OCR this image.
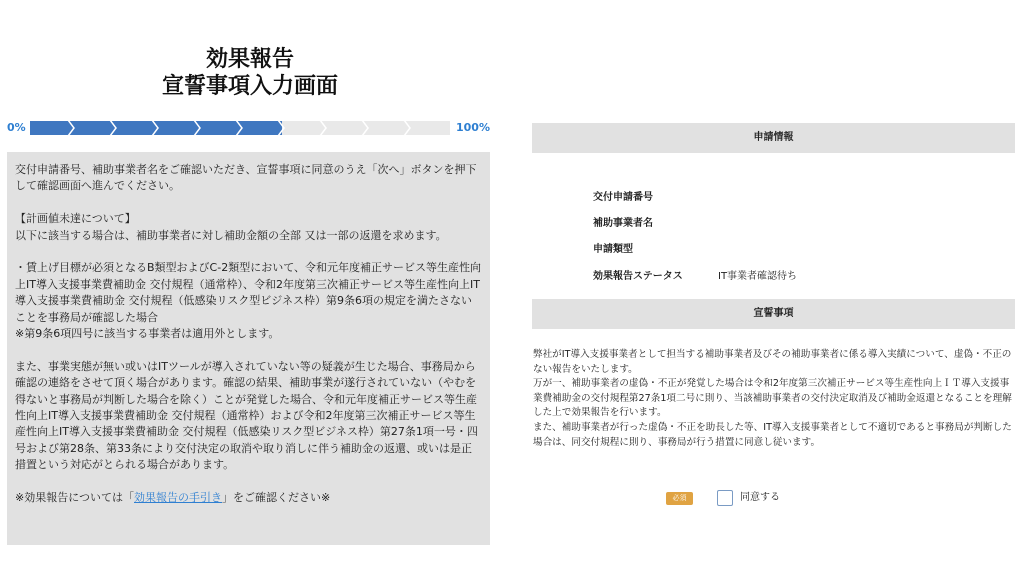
効果報告
宣誓事項入力画面
0%	100%

交付申請番号、補助事業者名をご確認いただき、宣誓事項に同意のうえ「次へ」ボタンを押下して確認画面へ進んでください。

【計画値未達について】

以下に該当する場合は、補助事業者に対し補助金額の全部 又は一部の返還を求めます。

・賃上げ目標が必須となるB類型およびC-2類型において、令和元年度補正サービス等生産性向上IT導入支援事業費補助金 交付規程（通常枠）、令和2年度第三次補正サービス等生産性向上IT導入支援事業費補助金 交付規程（低感染リスク型ビジネス枠）第9条6項の規定を満たさないことを事務局が確認した場合

※第9条6項四号に該当する事業者は適用外とします。

また、事業実態が無い或いはITツールが導入されていない等の疑義が生じた場合、事務局から確認の連絡をさせて頂く場合があります。確認の結果、補助事業が遂行されていない（やむを得ないと事務局が判断した場合を除く）ことが発覚した場合、令和元年度補正サービス等生産性向上IT導入支援事業費補助金 交付規程（通常枠）および令和2年度第三次補正サービス等生産性向上IT導入支援事業費補助金 交付規程（低感染リスク型ビジネス枠）第27条1項一号・四号および第28条、第33条により交付決定の取消や取り消しに伴う補助金の返還、或いは是正措置という対応がとられる場合があります。

※効果報告については「効果報告の手引き」をご確認ください※

申請情報
交付申請番号
補助事業者名
申請類型
効果報告ステータス	IT事業者確認待ち
宣誓事項

弊社がIT導入支援事業者として担当する補助事業者及びその補助事業者に係る導入実績について、虚偽・不正のない報告をいたします。

万が一、補助事業者の虚偽・不正が発覚した場合は令和2年度第三次補正サービス等生産性向上ＩＴ導入支援事業費補助金の交付規程第27条1項二号に則り、当該補助事業者の交付決定取消及び補助金返還となることを理解した上で効果報告を行います。

また、補助事業者が行った虚偽・不正を助長した等、IT導入支援事業者として不適切であると事務局が判断した場合は、同交付規程に則り、事務局が行う措置に同意し従います。

必須	同意する
